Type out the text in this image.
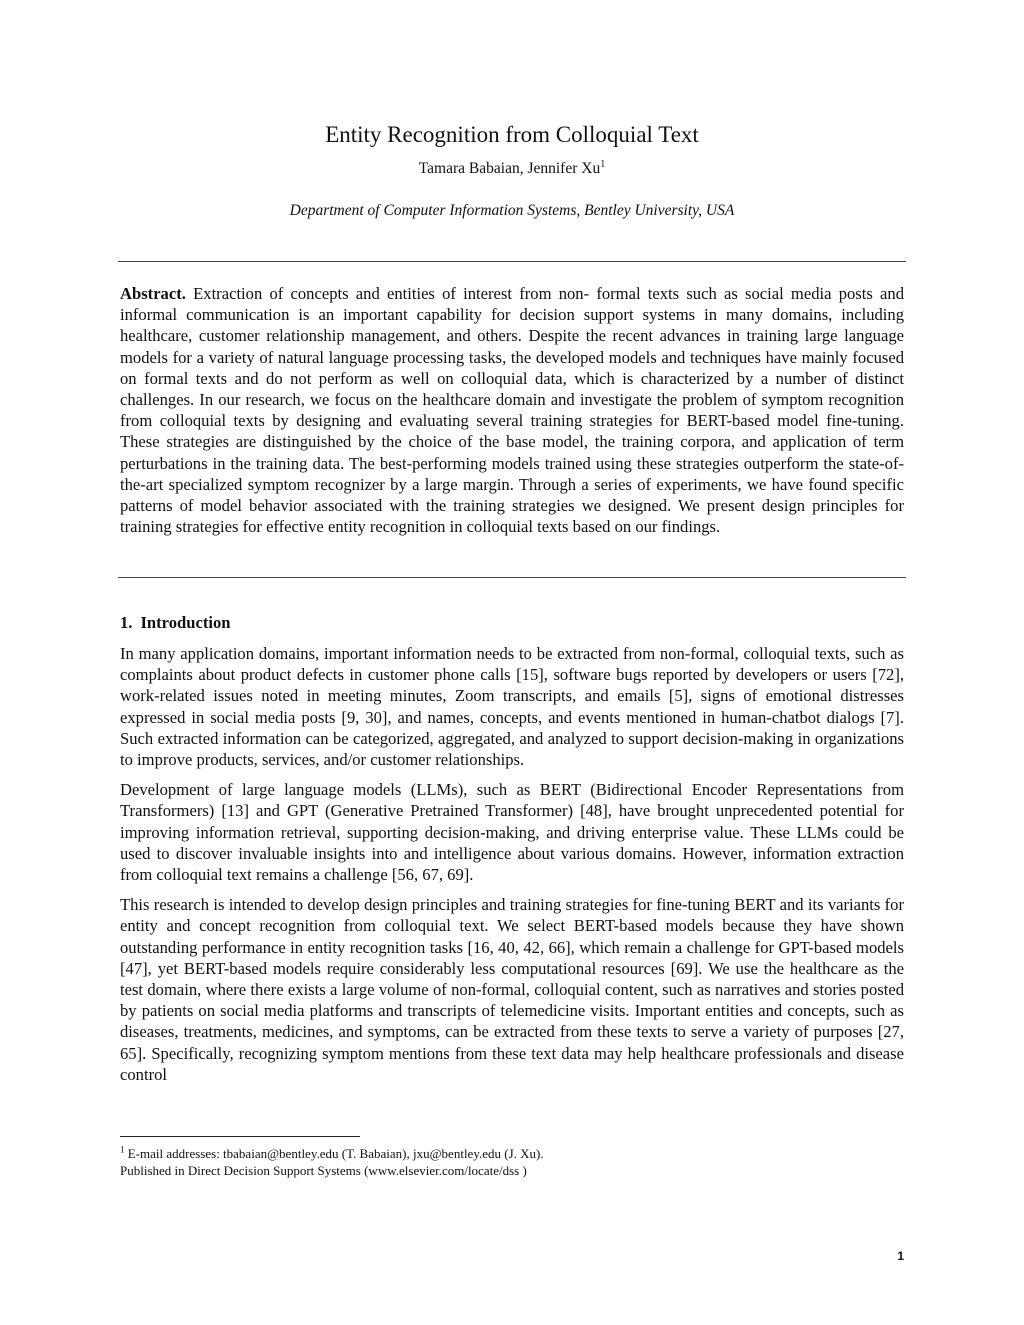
Entity Recognition from Colloquial Text
Tamara Babaian, Jennifer Xu$^1$
Department of Computer Information Systems, Bentley University, USA

Abstract. Extraction of concepts and entities of interest from non- formal texts such as social media posts and informal communication is an important capability for decision support systems in many domains, including healthcare, customer relationship management, and others. Despite the recent advances in training large language models for a variety of natural language processing tasks, the developed models and techniques have mainly focused on formal texts and do not perform as well on colloquial data, which is characterized by a number of distinct challenges. In our research, we focus on the healthcare domain and investigate the problem of symptom recognition from colloquial texts by designing and evaluating several training strategies for BERT-based model fine-tuning. These strategies are distinguished by the choice of the base model, the training corpora, and application of term perturbations in the training data. The best-performing models trained using these strategies outperform the state-of-the-art specialized symptom recognizer by a large margin. Through a series of experiments, we have found specific patterns of model behavior associated with the training strategies we designed. We present design principles for training strategies for effective entity recognition in colloquial texts based on our findings.

1. Introduction

In many application domains, important information needs to be extracted from non-formal, colloquial texts, such as complaints about product defects in customer phone calls [15], software bugs reported by developers or users [72], work-related issues noted in meeting minutes, Zoom transcripts, and emails [5], signs of emotional distresses expressed in social media posts [9, 30], and names, concepts, and events mentioned in human-chatbot dialogs [7]. Such extracted information can be categorized, aggregated, and analyzed to support decision-making in organizations to improve products, services, and/or customer relationships.

Development of large language models (LLMs), such as BERT (Bidirectional Encoder Representations from Transformers) [13] and GPT (Generative Pretrained Transformer) [48], have brought unprecedented potential for improving information retrieval, supporting decision-making, and driving enterprise value. These LLMs could be used to discover invaluable insights into and intelligence about various domains. However, information extraction from colloquial text remains a challenge [56, 67, 69].

This research is intended to develop design principles and training strategies for fine-tuning BERT and its variants for entity and concept recognition from colloquial text. We select BERT-based models because they have shown outstanding performance in entity recognition tasks [16, 40, 42, 66], which remain a challenge for GPT-based models [47], yet BERT-based models require considerably less computational resources [69]. We use the healthcare as the test domain, where there exists a large volume of non-formal, colloquial content, such as narratives and stories posted by patients on social media platforms and transcripts of telemedicine visits. Important entities and concepts, such as diseases, treatments, medicines, and symptoms, can be extracted from these texts to serve a variety of purposes [27, 65]. Specifically, recognizing symptom mentions from these text data may help healthcare professionals and disease control

$^1$ E-mail addresses: tbabaian@bentley.edu (T. Babaian), jxu@bentley.edu (J. Xu).
Published in Direct Decision Support Systems (www.elsevier.com/locate/dss )
1
